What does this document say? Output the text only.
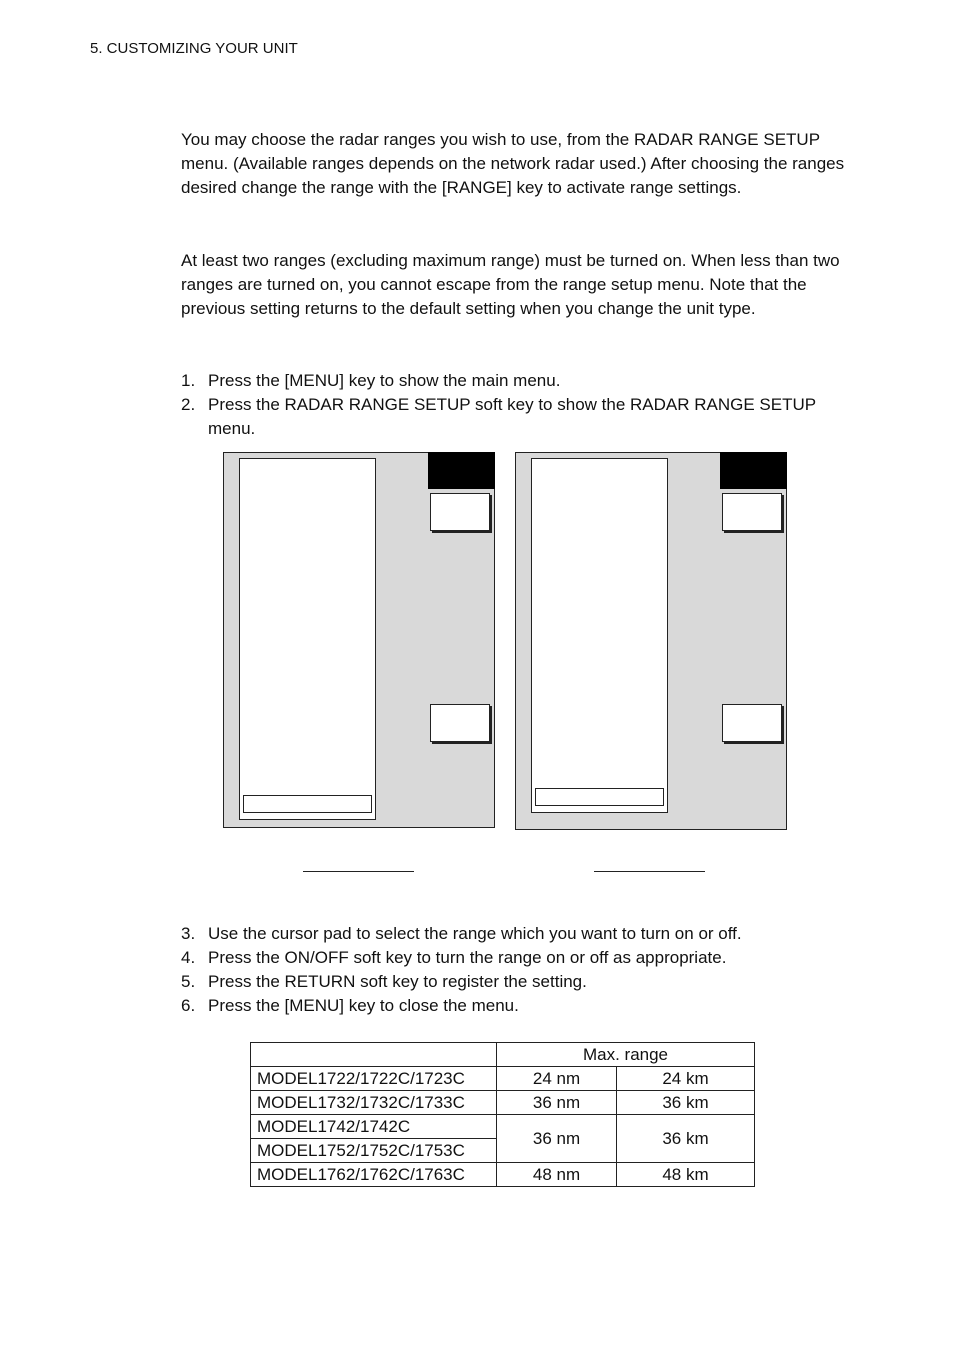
5. CUSTOMIZING YOUR UNIT

You may choose the radar ranges you wish to use, from the RADAR RANGE SETUP menu. (Available ranges depends on the network radar used.) After choosing the ranges desired change the range with the [RANGE] key to activate range settings.

At least two ranges (excluding maximum range) must be turned on. When less than two ranges are turned on, you cannot escape from the range setup menu. Note that the previous setting returns to the default setting when you change the unit type.

1. Press the [MENU] key to show the main menu.
2. Press the RADAR RANGE SETUP soft key to show the RADAR RANGE SETUP menu.
3. Use the cursor pad to select the range which you want to turn on or off.
4. Press the ON/OFF soft key to turn the range on or off as appropriate.
5. Press the RETURN soft key to register the setting.
6. Press the [MENU] key to close the menu.
	Max. range	
MODEL1722/1722C/1723C	24 nm	24 km
MODEL1732/1732C/1733C	36 nm	36 km
MODEL1742/1742C	36 nm	36 km
MODEL1752/1752C/1753C		
MODEL1762/1762C/1763C	48 nm	48 km
